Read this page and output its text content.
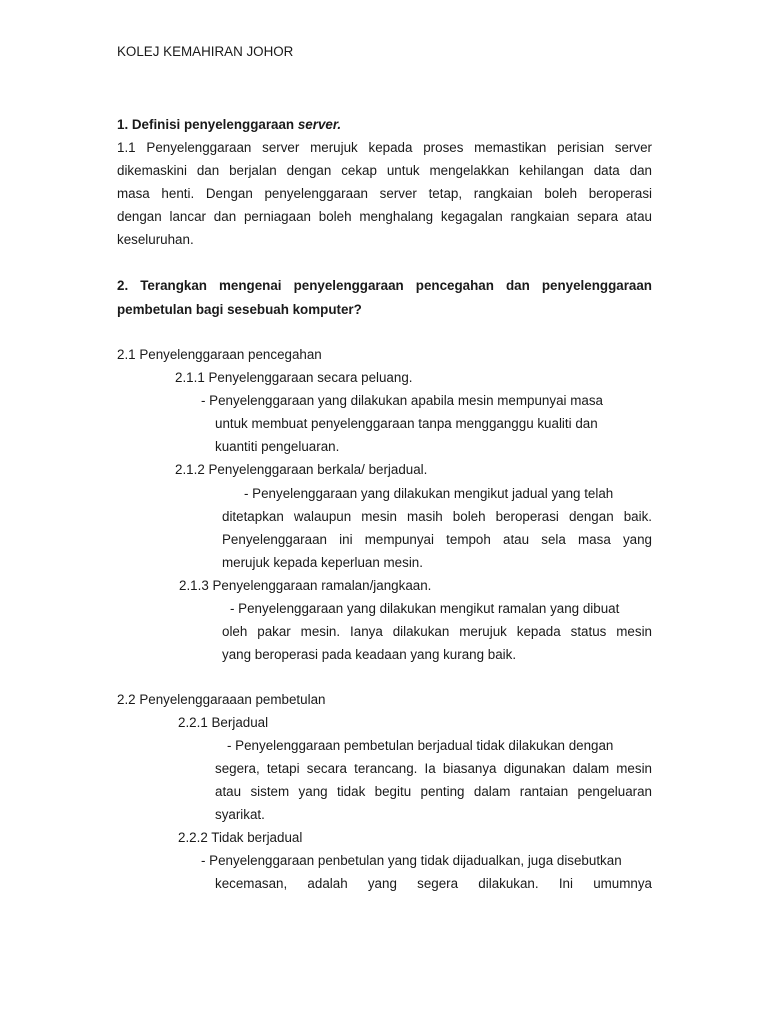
KOLEJ KEMAHIRAN JOHOR
1. Definisi penyelenggaraan server.
1.1 Penyelenggaraan server merujuk kepada proses memastikan perisian server
dikemaskini dan berjalan dengan cekap untuk mengelakkan kehilangan data dan
masa henti. Dengan penyelenggaraan server tetap, rangkaian boleh beroperasi
dengan lancar dan perniagaan boleh menghalang kegagalan rangkaian separa atau
keseluruhan.
2. Terangkan mengenai penyelenggaraan pencegahan dan penyelenggaraan
pembetulan bagi sesebuah komputer?
2.1 Penyelenggaraan pencegahan
2.1.1 Penyelenggaraan secara peluang.
- Penyelenggaraan yang dilakukan apabila mesin mempunyai masa
untuk membuat penyelenggaraan tanpa mengganggu kualiti dan
kuantiti pengeluaran.
2.1.2 Penyelenggaraan berkala/ berjadual.
- Penyelenggaraan yang dilakukan mengikut jadual yang telah
ditetapkan walaupun mesin masih boleh beroperasi dengan baik.
Penyelenggaraan ini mempunyai tempoh atau sela masa yang
merujuk kepada keperluan mesin.
2.1.3 Penyelenggaraan ramalan/jangkaan.
- Penyelenggaraan yang dilakukan mengikut ramalan yang dibuat
oleh pakar mesin. Ianya dilakukan merujuk kepada status mesin
yang beroperasi pada keadaan yang kurang baik.
2.2 Penyelenggaraaan pembetulan
2.2.1 Berjadual
- Penyelenggaraan pembetulan berjadual tidak dilakukan dengan
segera, tetapi secara terancang. Ia biasanya digunakan dalam mesin
atau sistem yang tidak begitu penting dalam rantaian pengeluaran
syarikat.
2.2.2 Tidak berjadual
- Penyelenggaraan penbetulan yang tidak dijadualkan, juga disebutkan
kecemasan, adalah yang segera dilakukan. Ini umumnya
